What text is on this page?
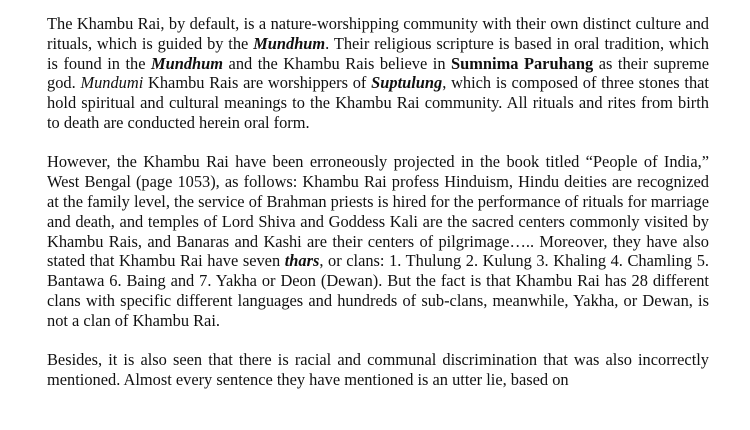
The Khambu Rai, by default, is a nature-worshipping community with their own distinct culture and rituals, which is guided by the Mundhum. Their religious scripture is based in oral tradition, which is found in the Mundhum and the Khambu Rais believe in Sumnima Paruhang as their supreme god. Mundumi Khambu Rais are worshippers of Suptulung, which is composed of three stones that hold spiritual and cultural meanings to the Khambu Rai community. All rituals and rites from birth to death are conducted herein oral form.

However, the Khambu Rai have been erroneously projected in the book titled “People of India,” West Bengal (page 1053), as follows: Khambu Rai profess Hinduism, Hindu deities are recognized at the family level, the service of Brahman priests is hired for the performance of rituals for marriage and death, and temples of Lord Shiva and Goddess Kali are the sacred centers commonly visited by Khambu Rais, and Banaras and Kashi are their centers of pilgrimage….. Moreover, they have also stated that Khambu Rai have seven thars, or clans: 1. Thulung 2. Kulung 3. Khaling 4. Chamling 5. Bantawa 6. Baing and 7. Yakha or Deon (Dewan). But the fact is that Khambu Rai has 28 different clans with specific different languages and hundreds of sub-clans, meanwhile, Yakha, or Dewan, is not a clan of Khambu Rai.

Besides, it is also seen that there is racial and communal discrimination that was also incorrectly mentioned. Almost every sentence they have mentioned is an utter lie, based on
